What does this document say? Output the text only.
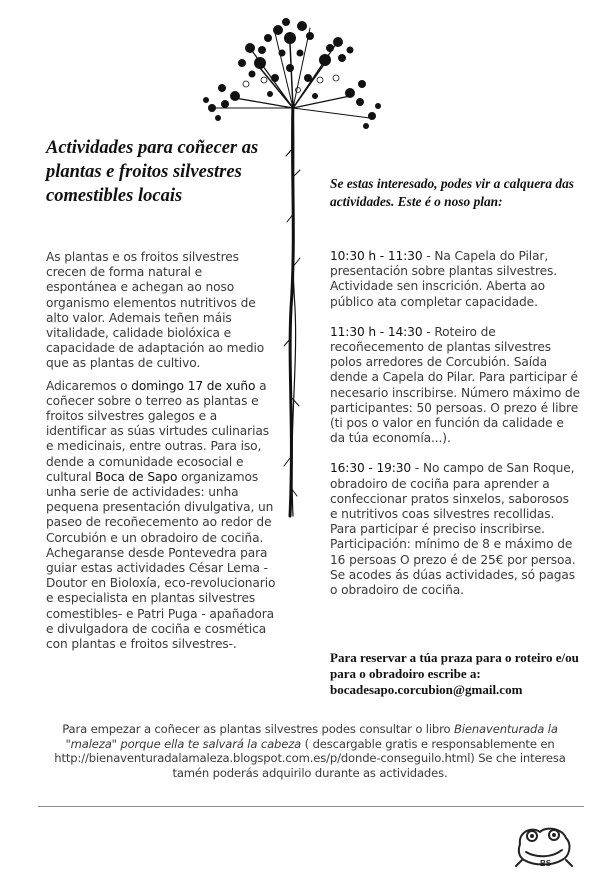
Actividades para coñecer as plantas e froitos silvestres comestibles locais

As plantas e os froitos silvestres crecen de forma natural e espontánea e achegan ao noso organismo elementos nutritivos de alto valor. Ademais teñen máis vitalidade, calidade biolóxica e capacidade de adaptación ao medio que as plantas de cultivo.

Adicaremos o domingo 17 de xuño a coñecer sobre o terreo as plantas e froitos silvestres galegos e a identificar as súas virtudes culinarias e medicinais, entre outras. Para iso, dende a comunidade ecosocial e cultural Boca de Sapo organizamos unha serie de actividades: unha pequena presentación divulgativa, un paseo de recoñecemento ao redor de Corcubión e un obradoiro de cociña. Achegaranse desde Pontevedra para guiar estas actividades César Lema -Doutor en Bioloxía, eco-revolucionario e especialista en plantas silvestres comestibles- e Patri Puga - apañadora e divulgadora de cociña e cosmética con plantas e froitos silvestres-.

Se estas interesado, podes vir a calquera das actividades. Este é o noso plan:

10:30 h - 11:30 - Na Capela do Pilar, presentación sobre plantas silvestres. Actividade sen inscrición. Aberta ao público ata completar capacidade.

11:30 h - 14:30 - Roteiro de recoñecemento de plantas silvestres polos arredores de Corcubión. Saída dende a Capela do Pilar. Para participar é necesario inscribirse. Número máximo de participantes: 50 persoas. O prezo é libre (ti pos o valor en función da calidade e da túa economía...).

16:30 - 19:30 - No campo de San Roque, obradoiro de cociña para aprender a confeccionar pratos sinxelos, saborosos e nutritivos coas silvestres recollidas. Para participar é preciso inscribirse. Participación: mínimo de 8 e máximo de 16 persoas O prezo é de 25€ por persoa. Se acodes ás dúas actividades, só pagas o obradoiro de cociña.

Para reservar a túa praza para o roteiro e/ou para o obradoiro escribe a: bocadesapo.corcubion@gmail.com
Para empezar a coñecer as plantas silvestres podes consultar o libro Bienaventurada la "maleza" porque ella te salvará la cabeza ( descargable gratis e responsablemente en http://bienaventuradalamaleza.blogspot.com.es/p/donde-conseguilo.html) Se che interesa tamén poderás adquirilo durante as actividades.
BS
